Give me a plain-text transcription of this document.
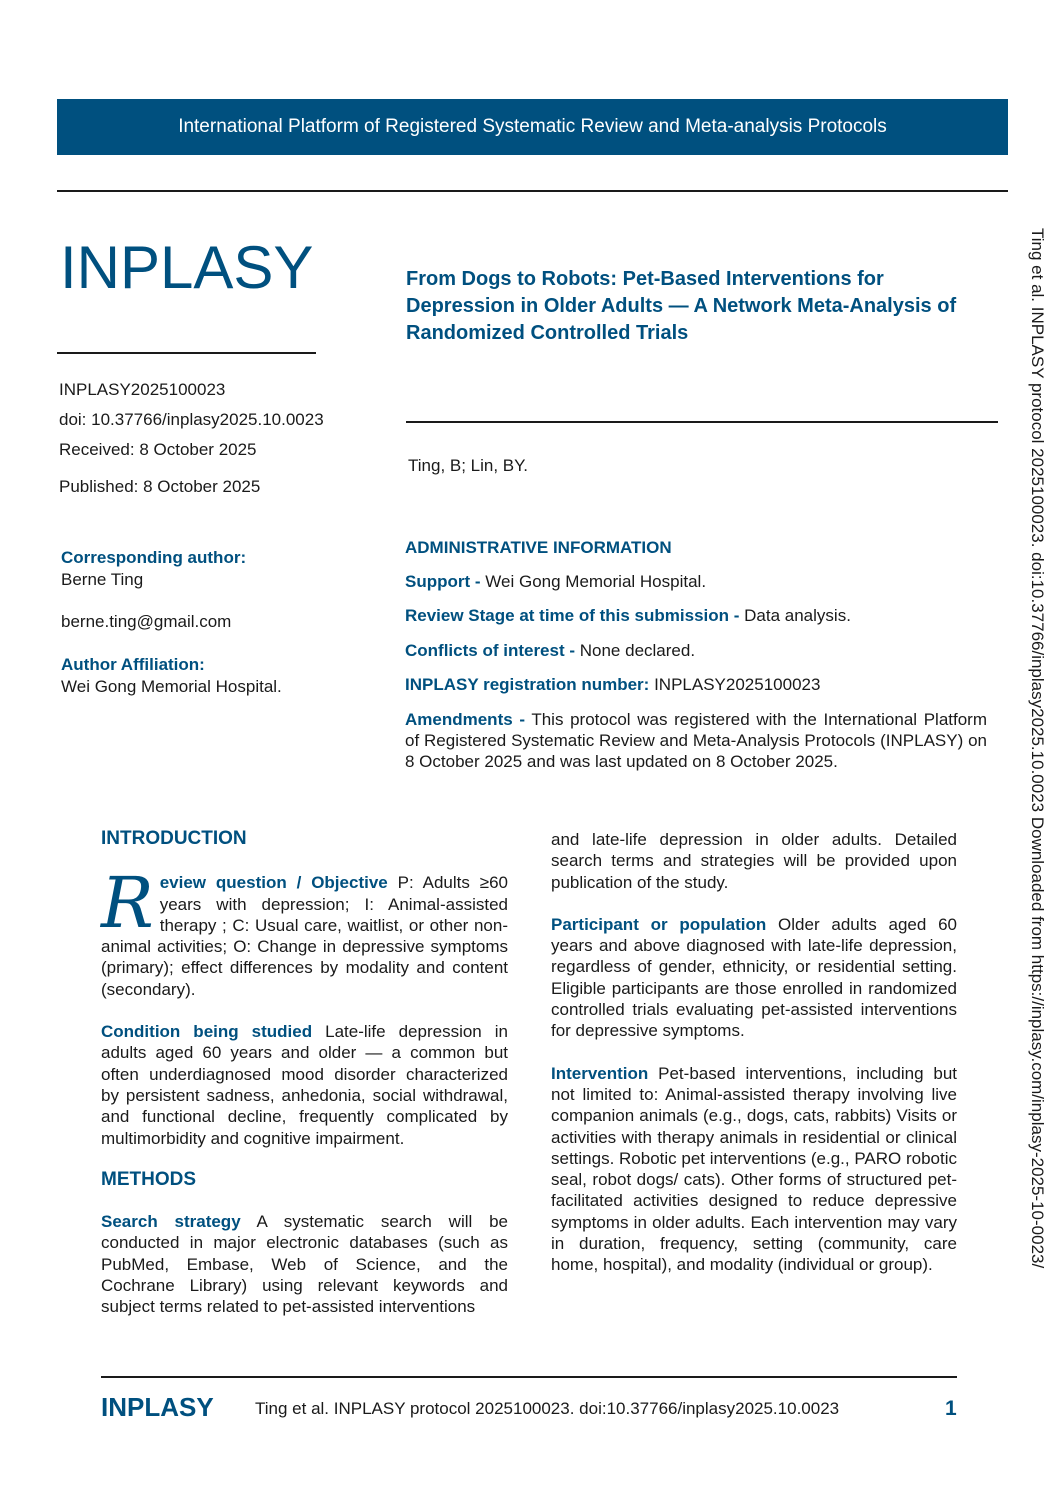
International Platform of Registered Systematic Review and Meta-analysis Protocols
INPLASY	From Dogs to Robots: Pet-Based Interventions for Depression in Older Adults — A Network Meta-Analysis of Randomized Controlled Trials
INPLASY2025100023
doi: 10.37766/inplasy2025.10.0023
Received: 8 October 2025
Published: 8 October 2025
Ting, B; Lin, BY.
Corresponding author:
Berne Ting
berne.ting@gmail.com
Author Affiliation:
Wei Gong Memorial Hospital.
ADMINISTRATIVE INFORMATION
Support - Wei Gong Memorial Hospital.
Review Stage at time of this submission - Data analysis.
Conflicts of interest - None declared.
INPLASY registration number: INPLASY2025100023
Amendments - This protocol was registered with the International Platform of Registered Systematic Review and Meta-Analysis Protocols (INPLASY) on 8 October 2025 and was last updated on 8 October 2025.
INTRODUCTION

Review question / Objective P: Adults ≥60 years with depression; I: Animal-assisted therapy ; C: Usual care, waitlist, or other non-animal activities; O: Change in depressive symptoms (primary); effect differences by modality and content (secondary).

Condition being studied Late-life depression in adults aged 60 years and older — a common but often underdiagnosed mood disorder characterized by persistent sadness, anhedonia, social withdrawal, and functional decline, frequently complicated by multimorbidity and cognitive impairment.

METHODS

Search strategy A systematic search will be conducted in major electronic databases (such as PubMed, Embase, Web of Science, and the Cochrane Library) using relevant keywords and subject terms related to pet-assisted interventions

and late-life depression in older adults. Detailed search terms and strategies will be provided upon publication of the study.

Participant or population Older adults aged 60 years and above diagnosed with late-life depression, regardless of gender, ethnicity, or residential setting. Eligible participants are those enrolled in randomized controlled trials evaluating pet-assisted interventions for depressive symptoms.

Intervention Pet-based interventions, including but not limited to: Animal-assisted therapy involving live companion animals (e.g., dogs, cats, rabbits) Visits or activities with therapy animals in residential or clinical settings. Robotic pet interventions (e.g., PARO robotic seal, robot dogs/ cats). Other forms of structured pet-facilitated activities designed to reduce depressive symptoms in older adults. Each intervention may vary in duration, frequency, setting (community, care home, hospital), and modality (individual or group).	Ting et al. INPLASY protocol 2025100023. doi:10.37766/inplasy2025.10.0023 Downloaded from https://inplasy.com/inplasy-2025-10-0023/
INPLASY Ting et al. INPLASY protocol 2025100023. doi:10.37766/inplasy2025.10.0023	1
